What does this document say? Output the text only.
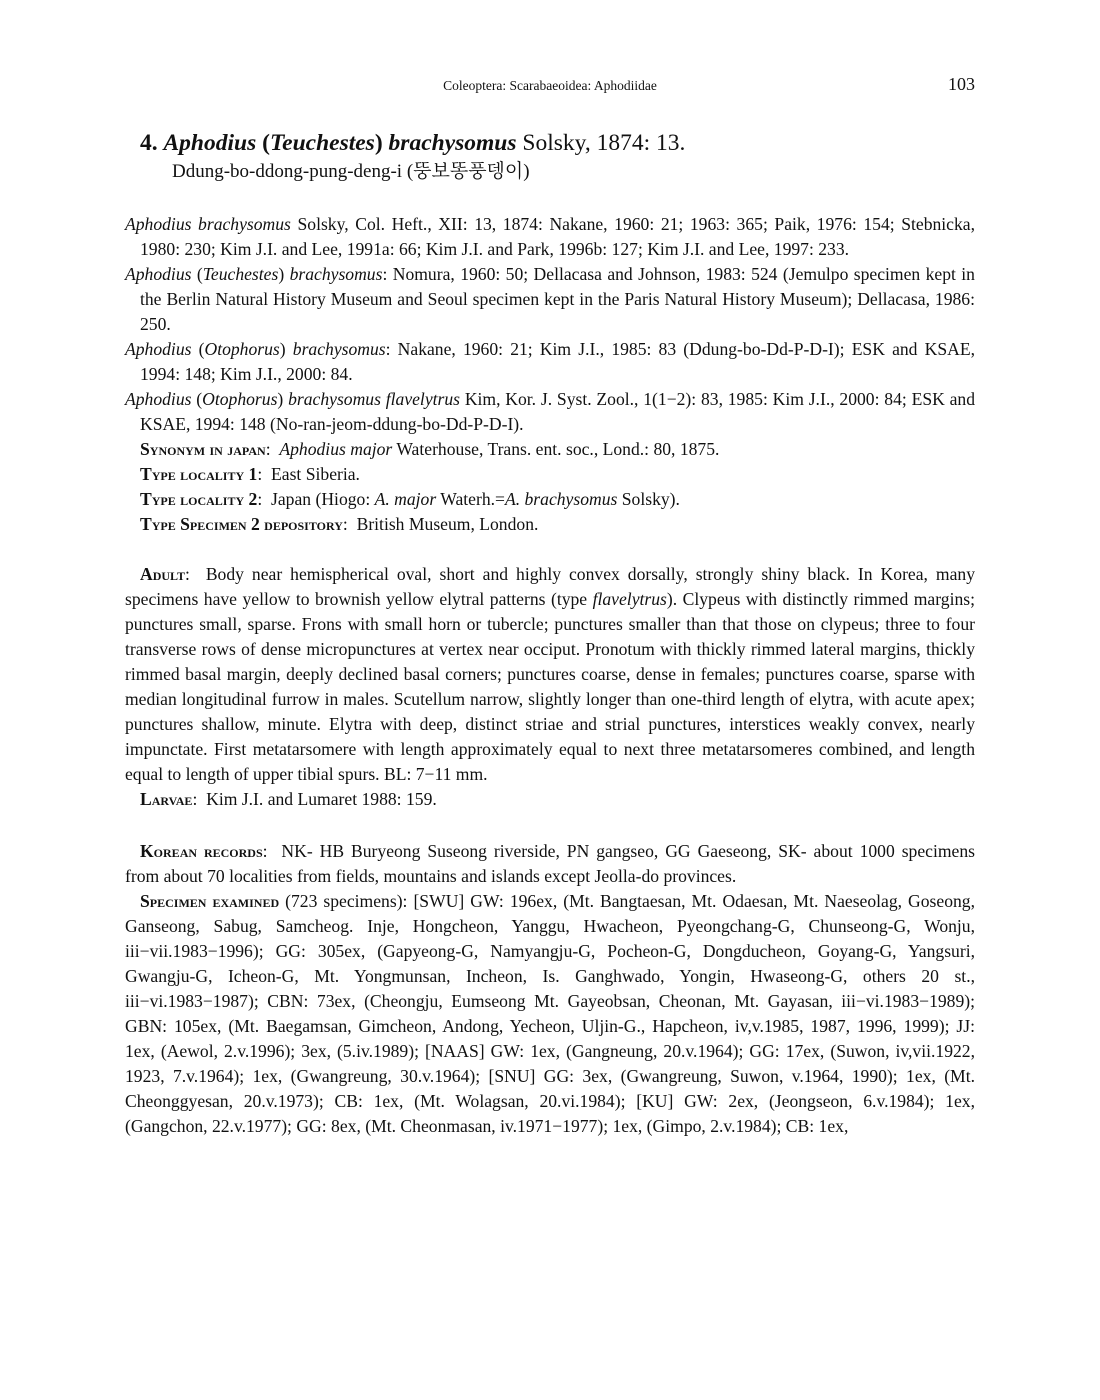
Coleoptera: Scarabaeoidea: Aphodiidae	103
4. Aphodius (Teuchestes) brachysomus Solsky, 1874: 13.
Ddung-bo-ddong-pung-deng-i (뚱보똥풍뎅이)
Aphodius brachysomus Solsky, Col. Heft., XII: 13, 1874: Nakane, 1960: 21; 1963: 365; Paik, 1976: 154; Stebnicka, 1980: 230; Kim J.I. and Lee, 1991a: 66; Kim J.I. and Park, 1996b: 127; Kim J.I. and Lee, 1997: 233.
Aphodius (Teuchestes) brachysomus: Nomura, 1960: 50; Dellacasa and Johnson, 1983: 524 (Jemulpo specimen kept in the Berlin Natural History Museum and Seoul specimen kept in the Paris Natural History Museum); Dellacasa, 1986: 250.
Aphodius (Otophorus) brachysomus: Nakane, 1960: 21; Kim J.I., 1985: 83 (Ddung-bo-Dd-P-D-I); ESK and KSAE, 1994: 148; Kim J.I., 2000: 84.
Aphodius (Otophorus) brachysomus flavelytrus Kim, Kor. J. Syst. Zool., 1(1−2): 83, 1985: Kim J.I., 2000: 84; ESK and KSAE, 1994: 148 (No-ran-jeom-ddung-bo-Dd-P-D-I).
Synonym in japan:  Aphodius major Waterhouse, Trans. ent. soc., Lond.: 80, 1875.
Type locality 1:  East Siberia.
Type locality 2:  Japan (Hiogo: A. major Waterh.=A. brachysomus Solsky).
Type Specimen 2 depository:  British Museum, London.
Adult:  Body near hemispherical oval, short and highly convex dorsally, strongly shiny black. In Korea, many specimens have yellow to brownish yellow elytral patterns (type flavelytrus). Clypeus with distinctly rimmed margins; punctures small, sparse. Frons with small horn or tubercle; punctures smaller than that those on clypeus; three to four transverse rows of dense micropunctures at vertex near occiput. Pronotum with thickly rimmed lateral margins, thickly rimmed basal margin, deeply declined basal corners; punctures coarse, dense in females; punctures coarse, sparse with median longitudinal furrow in males. Scutellum narrow, slightly longer than one-third length of elytra, with acute apex; punctures shallow, minute. Elytra with deep, distinct striae and strial punctures, interstices weakly convex, nearly impunctate. First metatarsomere with length approximately equal to next three metatarsomeres combined, and length equal to length of upper tibial spurs. BL: 7−11 mm.
Larvae:  Kim J.I. and Lumaret 1988: 159.
Korean records:  NK- HB Buryeong Suseong riverside, PN gangseo, GG Gaeseong, SK- about 1000 specimens from about 70 localities from fields, mountains and islands except Jeolla-do provinces.
Specimen examined (723 specimens): [SWU] GW: 196ex, (Mt. Bangtaesan, Mt. Odaesan, Mt. Naeseolag, Goseong, Ganseong, Sabug, Samcheog. Inje, Hongcheon, Yanggu, Hwacheon, Pyeongchang-G, Chunseong-G, Wonju, iii−vii.1983−1996); GG: 305ex, (Gapyeong-G, Namyangju-G, Pocheon-G, Dongducheon, Goyang-G, Yangsuri, Gwangju-G, Icheon-G, Mt. Yongmunsan, Incheon, Is. Ganghwado, Yongin, Hwaseong-G, others 20 st., iii−vi.1983−1987); CBN: 73ex, (Cheongju, Eumseong Mt. Gayeobsan, Cheonan, Mt. Gayasan, iii−vi.1983−1989); GBN: 105ex, (Mt. Baegamsan, Gimcheon, Andong, Yecheon, Uljin-G., Hapcheon, iv,v.1985, 1987, 1996, 1999); JJ: 1ex, (Aewol, 2.v.1996); 3ex, (5.iv.1989); [NAAS] GW: 1ex, (Gangneung, 20.v.1964); GG: 17ex, (Suwon, iv,vii.1922, 1923, 7.v.1964); 1ex, (Gwangreung, 30.v.1964); [SNU] GG: 3ex, (Gwangreung, Suwon, v.1964, 1990); 1ex, (Mt. Cheonggyesan, 20.v.1973); CB: 1ex, (Mt. Wolagsan, 20.vi.1984); [KU] GW: 2ex, (Jeongseon, 6.v.1984); 1ex, (Gangchon, 22.v.1977); GG: 8ex, (Mt. Cheonmasan, iv.1971−1977); 1ex, (Gimpo, 2.v.1984); CB: 1ex,
